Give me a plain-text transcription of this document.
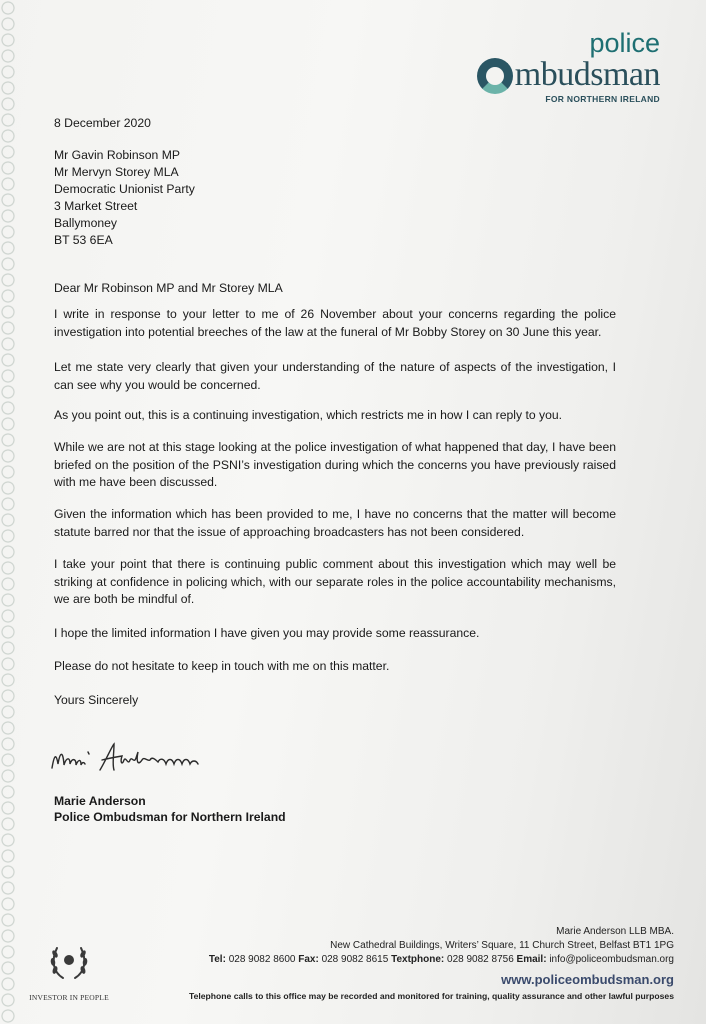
police
mbudsman
FOR NORTHERN IRELAND
8 December 2020
Mr Gavin Robinson MP
Mr Mervyn Storey MLA
Democratic Unionist Party
3 Market Street
Ballymoney
BT 53 6EA
Dear Mr Robinson MP and Mr Storey MLA
I write in response to your letter to me of 26 November about your concerns regarding the police investigation into potential breeches of the law at the funeral of Mr Bobby Storey on 30 June this year.
Let me state very clearly that given your understanding of the nature of aspects of the investigation, I can see why you would be concerned.
As you point out, this is a continuing investigation, which restricts me in how I can reply to you.
While we are not at this stage looking at the police investigation of what happened that day, I have been briefed on the position of the PSNI’s investigation during which the concerns you have previously raised with me have been discussed.
Given the information which has been provided to me, I have no concerns that the matter will become statute barred nor that the issue of approaching broadcasters has not been considered.
I take your point that there is continuing public comment about this investigation which may well be striking at confidence in policing which, with our separate roles in the police accountability mechanisms, we are both be mindful of.
I hope the limited information I have given you may provide some reassurance.
Please do not hesitate to keep in touch with me on this matter.
Yours Sincerely
Marie Anderson
Police Ombudsman for Northern Ireland
Marie Anderson LLB MBA.
New Cathedral Buildings, Writers’ Square, 11 Church Street, Belfast BT1 1PG
Tel: 028 9082 8600 Fax: 028 9082 8615 Textphone: 028 9082 8756 Email: info@policeombudsman.org
www.policeombudsman.org
Telephone calls to this office may be recorded and monitored for training, quality assurance and other lawful purposes
INVESTOR IN PEOPLE
